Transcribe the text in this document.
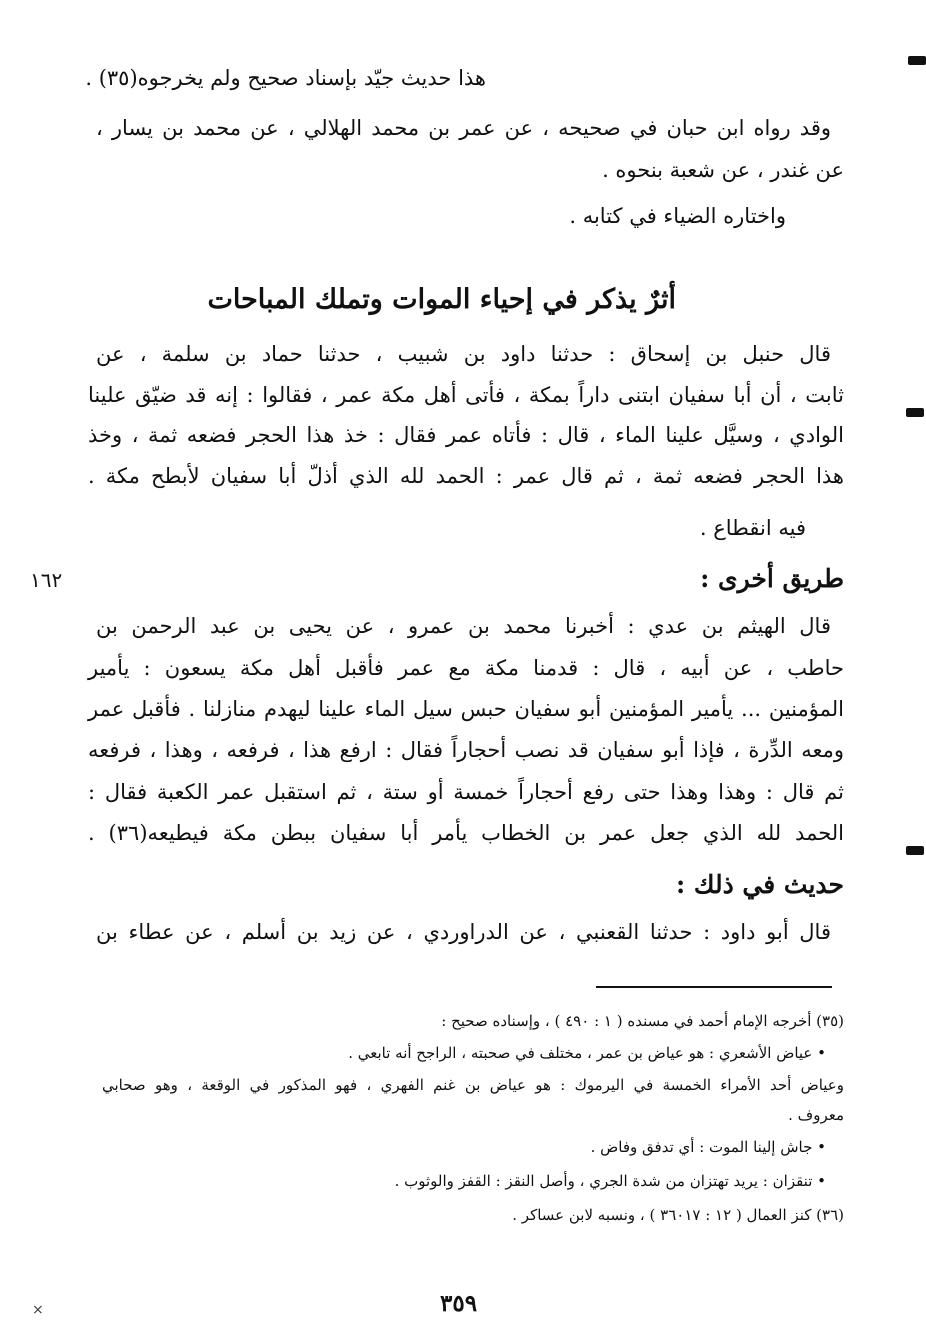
هذا حديث جيّد بإسناد صحيح ولم يخرجوه(٣٥) .
وقد رواه ابن حبان في صحيحه ، عن عمر بن محمد الهلالي ، عن محمد بن يسار ،
عن غندر ، عن شعبة بنحوه .
واختاره الضياء في كتابه .
أثرٌ يذكر في إحياء الموات وتملك المباحات
قال حنبل بن إسحاق : حدثنا داود بن شبيب ، حدثنا حماد بن سلمة ، عن
ثابت ، أن أبا سفيان ابتنى داراً بمكة ، فأتى أهل مكة عمر ، فقالوا : إنه قد ضيّق علينا
الوادي ، وسيَّل علينا الماء ، قال : فأتاه عمر فقال : خذ هذا الحجر فضعه ثمة ، وخذ
هذا الحجر فضعه ثمة ، ثم قال عمر : الحمد لله الذي أذلّ أبا سفيان لأبطح مكة .
فيه انقطاع .
١٦٢	طريق أخرى :
قال الهيثم بن عدي : أخبرنا محمد بن عمرو ، عن يحيى بن عبد الرحمن بن
حاطب ، عن أبيه ، قال : قدمنا مكة مع عمر فأقبل أهل مكة يسعون : يأمير
المؤمنين ... يأمير المؤمنين أبو سفيان حبس سيل الماء علينا ليهدم منازلنا . فأقبل عمر
ومعه الدِّرة ، فإذا أبو سفيان قد نصب أحجاراً فقال : ارفع هذا ، فرفعه ، وهذا ، فرفعه
ثم قال : وهذا وهذا حتى رفع أحجاراً خمسة أو ستة ، ثم استقبل عمر الكعبة فقال :
الحمد لله الذي جعل عمر بن الخطاب يأمر أبا سفيان ببطن مكة فيطيعه(٣٦) .
حديث في ذلك :
قال أبو داود : حدثنا القعنبي ، عن الدراوردي ، عن زيد بن أسلم ، عن عطاء بن
(٣٥) أخرجه الإمام أحمد في مسنده ( ١ : ٤٩٠ ) ، وإسناده صحيح :
• عياض الأشعري : هو عياض بن عمر ، مختلف في صحبته ، الراجح أنه تابعي .
وعياض أحد الأمراء الخمسة في اليرموك : هو عياض بن غنم الفهري ، فهو المذكور في الوقعة ، وهو صحابي
معروف .
• جاش إلينا الموت : أي تدفق وفاض .
• تنقزان : يريد تهتزان من شدة الجري ، وأصل النقز : القفز والوثوب .
(٣٦) كنز العمال ( ١٢ : ٣٦٠١٧ ) ، ونسبه لابن عساكر .
٣٥٩
×
